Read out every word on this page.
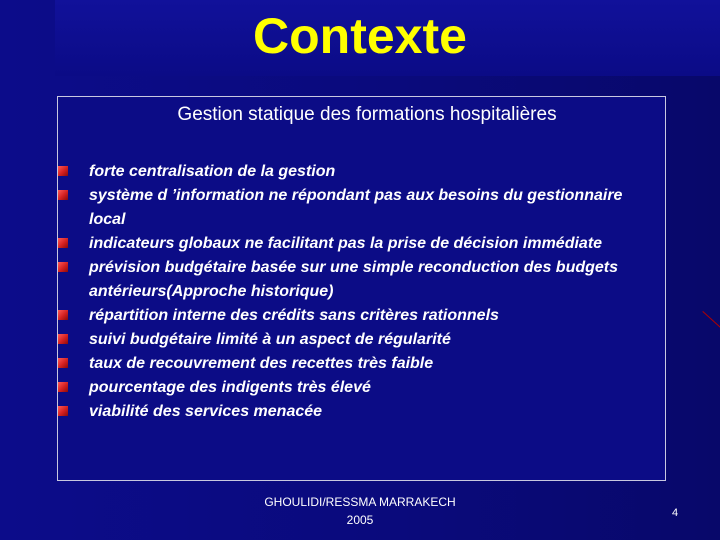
Contexte
Gestion statique des formations hospitalières
forte centralisation de la gestion
système d ’information ne répondant pas aux besoins du gestionnaire local
indicateurs globaux ne facilitant pas la prise de décision immédiate
prévision budgétaire basée sur une simple reconduction des budgets antérieurs(Approche historique)
répartition interne des crédits sans critères rationnels
suivi budgétaire limité à un aspect de régularité
taux de recouvrement des recettes très faible
pourcentage des indigents très élevé
viabilité des services menacée
GHOULIDI/RESSMA MARRAKECH
2005	4
